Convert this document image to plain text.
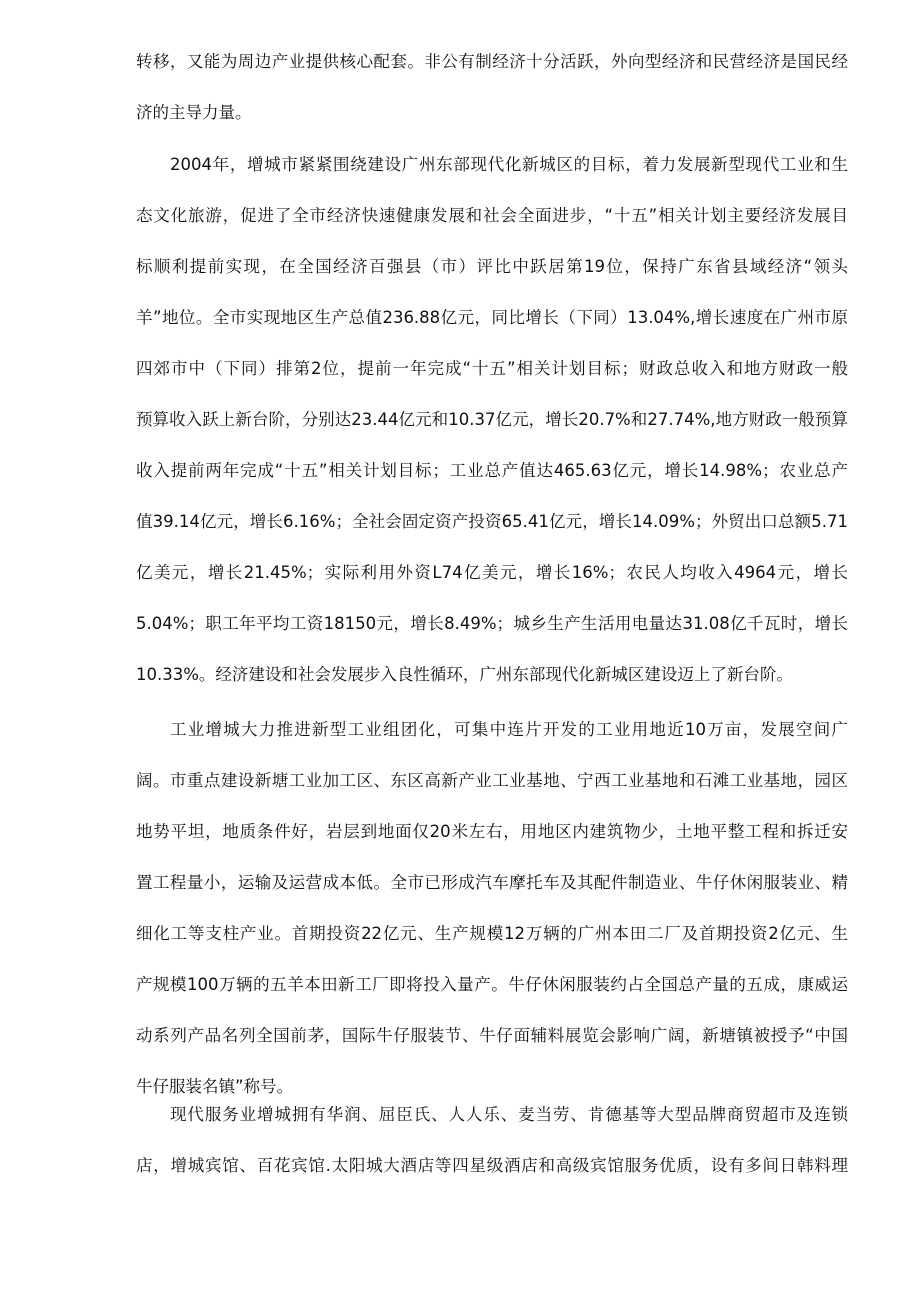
转移，又能为周边产业提供核心配套。非公有制经济十分活跃，外向型经济和民营经济是国民经
济的主导力量。
2004年，增城市紧紧围绕建设广州东部现代化新城区的目标，着力发展新型现代工业和生
态文化旅游，促进了全市经济快速健康发展和社会全面进步，“十五”相关计划主要经济发展目
标顺利提前实现，在全国经济百强县（市）评比中跃居第19位，保持广东省县域经济“领头
羊”地位。全市实现地区生产总值236.88亿元，同比增长（下同）13.04%,增长速度在广州市原
四郊市中（下同）排第2位，提前一年完成“十五”相关计划目标；财政总收入和地方财政一般
预算收入跃上新台阶，分别达23.44亿元和10.37亿元，增长20.7%和27.74%,地方财政一般预算
收入提前两年完成“十五”相关计划目标；工业总产值达465.63亿元，增长14.98%；农业总产
值39.14亿元，增长6.16%；全社会固定资产投资65.41亿元，增长14.09%；外贸出口总额5.71
亿美元，增长21.45%；实际利用外资L74亿美元，增长16%；农民人均收入4964元，增长
5.04%；职工年平均工资18150元，增长8.49%；城乡生产生活用电量达31.08亿千瓦时，增长
10.33%。经济建设和社会发展步入良性循环，广州东部现代化新城区建设迈上了新台阶。
工业增城大力推进新型工业组团化，可集中连片开发的工业用地近10万亩，发展空间广
阔。市重点建设新塘工业加工区、东区高新产业工业基地、宁西工业基地和石滩工业基地，园区
地势平坦，地质条件好，岩层到地面仅20米左右，用地区内建筑物少，土地平整工程和拆迁安
置工程量小，运输及运营成本低。全市已形成汽车摩托车及其配件制造业、牛仔休闲服装业、精
细化工等支柱产业。首期投资22亿元、生产规模12万辆的广州本田二厂及首期投资2亿元、生
产规模100万辆的五羊本田新工厂即将投入量产。牛仔休闲服装约占全国总产量的五成，康威运
动系列产品名列全国前茅，国际牛仔服装节、牛仔面辅料展览会影响广阔，新塘镇被授予“中国
牛仔服装名镇”称号。
现代服务业增城拥有华润、屈臣氏、人人乐、麦当劳、肯德基等大型品牌商贸超市及连锁
店，增城宾馆、百花宾馆.太阳城大酒店等四星级酒店和高级宾馆服务优质，设有多间日韩料理
